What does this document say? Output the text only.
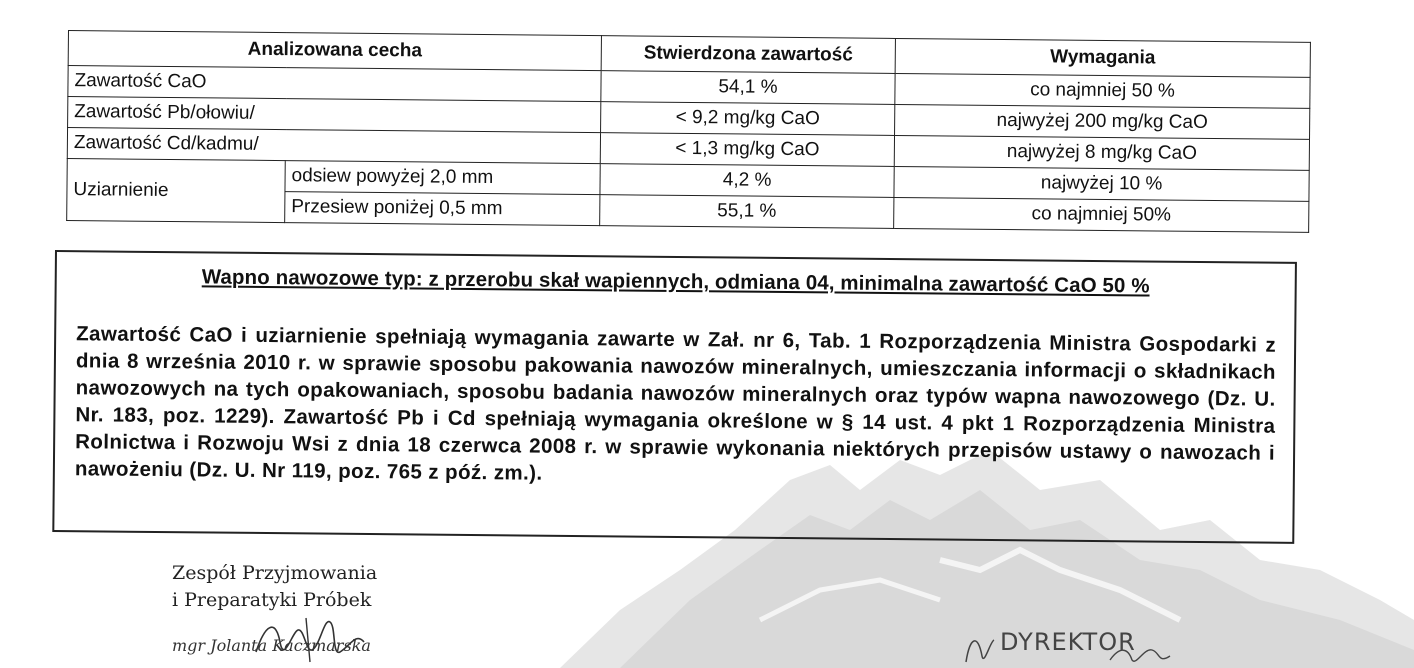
Analizowana cecha		Stwierdzona zawartość	Wymagania
Zawartość CaO		54,1 %	co najmniej 50 %
Zawartość Pb/ołowiu/		< 9,2 mg/kg CaO	najwyżej 200 mg/kg CaO
Zawartość Cd/kadmu/		< 1,3 mg/kg CaO	najwyżej 8 mg/kg CaO
Uziarnienie	odsiew powyżej 2,0 mm	4,2 %	najwyżej 10 %
	Przesiew poniżej 0,5 mm	55,1 %	co najmniej 50%
Wapno nawozowe typ: z przerobu skał wapiennych, odmiana 04, minimalna zawartość CaO 50 %
Zawartość CaO i uziarnienie spełniają wymagania zawarte w Zał. nr 6, Tab. 1 Rozporządzenia Ministra Gospodarki z dnia 8 września 2010 r. w sprawie sposobu pakowania nawozów mineralnych, umieszczania informacji o składnikach nawozowych na tych opakowaniach, sposobu badania nawozów mineralnych oraz typów wapna nawozowego (Dz. U. Nr. 183, poz. 1229). Zawartość Pb i Cd spełniają wymagania określone w § 14 ust. 4 pkt 1 Rozporządzenia Ministra Rolnictwa i Rozwoju Wsi z dnia 18 czerwca 2008 r. w sprawie wykonania niektórych przepisów ustawy o nawozach i nawożeniu (Dz. U. Nr 119, poz. 765 z póź. zm.).
Zespół Przyjmowania
i Preparatyki Próbek
mgr Jolanta Kaczmarska	DYREKTOR
